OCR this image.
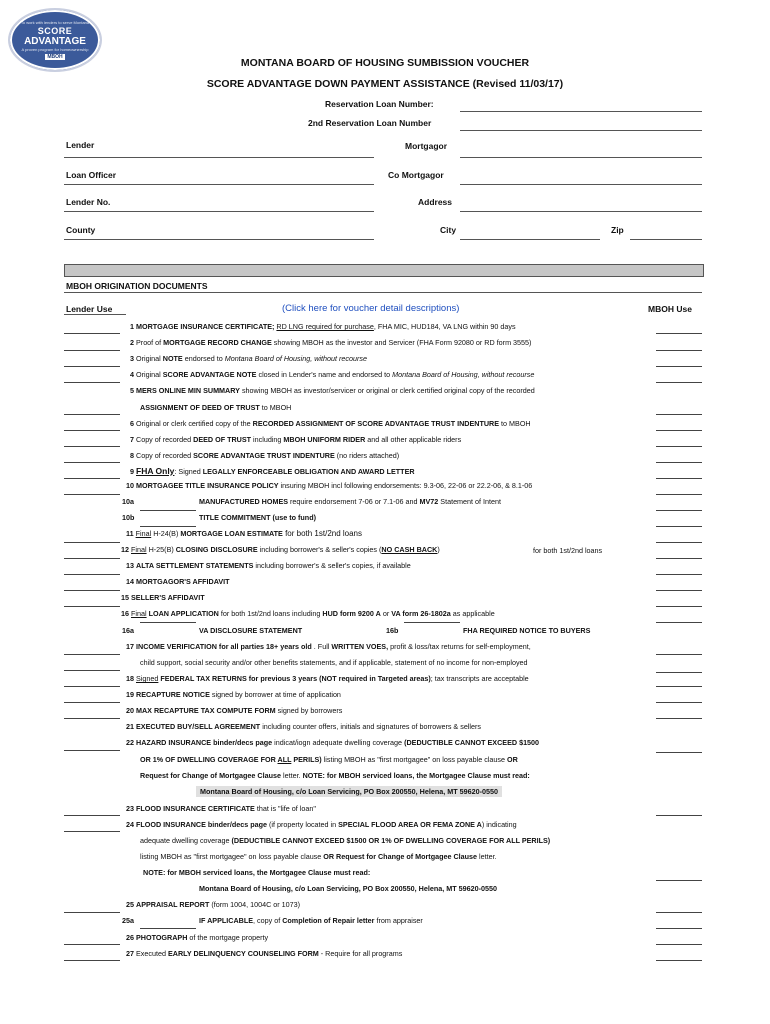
To work with lenders to serve Montana
SCORE
ADVANTAGE
A proven program for homeownership
MBOH	MONTANA BOARD OF HOUSING SUMBISSION VOUCHER
SCORE ADVANTAGE DOWN PAYMENT ASSISTANCE (Revised 11/03/17)
Reservation Loan Number:
2nd Reservation Loan Number
Lender	Mortgagor
Loan Officer	Co Mortgagor
Lender No.	Address
County	City	Zip
MBOH ORIGINATION DOCUMENTS
Lender Use	(Click here for voucher detail descriptions)	MBOH Use
1 MORTGAGE INSURANCE CERTIFICATE; RD LNG required for purchase, FHA MIC, HUD184, VA LNG within 90 days
2 Proof of MORTGAGE RECORD CHANGE showing MBOH as the investor and Servicer (FHA Form 92080 or RD form 3555)
3 Original NOTE endorsed to Montana Board of Housing, without recourse
4 Original SCORE ADVANTAGE NOTE closed in Lender's name and endorsed to Montana Board of Housing, without recourse
5 MERS ONLINE MIN SUMMARY showing MBOH as investor/servicer or original or clerk certified original copy of the recorded
ASSIGNMENT OF DEED OF TRUST to MBOH
6 Original or clerk certified copy of the RECORDED ASSIGNMENT OF SCORE ADVANTAGE TRUST INDENTURE to MBOH
7 Copy of recorded DEED OF TRUST including MBOH UNIFORM RIDER and all other applicable riders
8 Copy of recorded SCORE ADVANTAGE TRUST INDENTURE (no riders attached)
9 FHA Only: Signed LEGALLY ENFORCEABLE OBLIGATION AND AWARD LETTER
10 MORTGAGEE TITLE INSURANCE POLICY insuring MBOH incl following endorsements: 9.3-06, 22-06 or 22.2-06, & 8.1-06
10a	MANUFACTURED HOMES require endorsement 7-06 or 7.1-06 and MV72 Statement of Intent
10b	TITLE COMMITMENT (use to fund)
11 Final H-24(B) MORTGAGE LOAN ESTIMATE for both 1st/2nd loans
12 Final H-25(B) CLOSING DISCLOSURE including borrower's & seller's copies (NO CASH BACK)	for both 1st/2nd loans
13 ALTA SETTLEMENT STATEMENTS including borrower's & seller's copies, if available
14 MORTGAGOR'S AFFIDAVIT
15 SELLER'S AFFIDAVIT
16 Final LOAN APPLICATION for both 1st/2nd loans including HUD form 9200 A or VA form 26-1802a as applicable
16a	VA DISCLOSURE STATEMENT	16b	FHA REQUIRED NOTICE TO BUYERS
17 INCOME VERIFICATION for all parties 18+ years old . Full WRITTEN VOES, profit & loss/tax returns for self-employment,
child support, social security and/or other benefits statements, and if applicable, statement of no income for non-employed
18 Signed FEDERAL TAX RETURNS for previous 3 years (NOT required in Targeted areas); tax transcripts are acceptable
19 RECAPTURE NOTICE signed by borrower at time of application
20 MAX RECAPTURE TAX COMPUTE FORM signed by borrowers
21 EXECUTED BUY/SELL AGREEMENT including counter offers, initials and signatures of borrowers & sellers
22 HAZARD INSURANCE binder/decs page indicat/iogn adequate dwelling coverage (DEDUCTIBLE CANNOT EXCEED $1500
OR 1% OF DWELLING COVERAGE FOR ALL PERILS) listing MBOH as "first mortgagee" on loss payable clause OR
Request for Change of Mortgagee Clause letter. NOTE: for MBOH serviced loans, the Mortgagee Clause must read:
Montana Board of Housing, c/o Loan Servicing, PO Box 200550, Helena, MT 59620-0550
23 FLOOD INSURANCE CERTIFICATE that is "life of loan"
24 FLOOD INSURANCE binder/decs page (if property located in SPECIAL FLOOD AREA OR FEMA ZONE A) indicating
adequate dwelling coverage (DEDUCTIBLE CANNOT EXCEED $1500 OR 1% OF DWELLING COVERAGE FOR ALL PERILS)
listing MBOH as "first mortgagee" on loss payable clause OR Request for Change of Mortgagee Clause letter.
NOTE: for MBOH serviced loans, the Mortgagee Clause must read:
Montana Board of Housing, c/o Loan Servicing, PO Box 200550, Helena, MT 59620-0550
25 APPRAISAL REPORT (form 1004, 1004C or 1073)
25a	IF APPLICABLE, copy of Completion of Repair letter from appraiser
26 PHOTOGRAPH of the mortgage property
27 Executed EARLY DELINQUENCY COUNSELING FORM - Require for all programs
